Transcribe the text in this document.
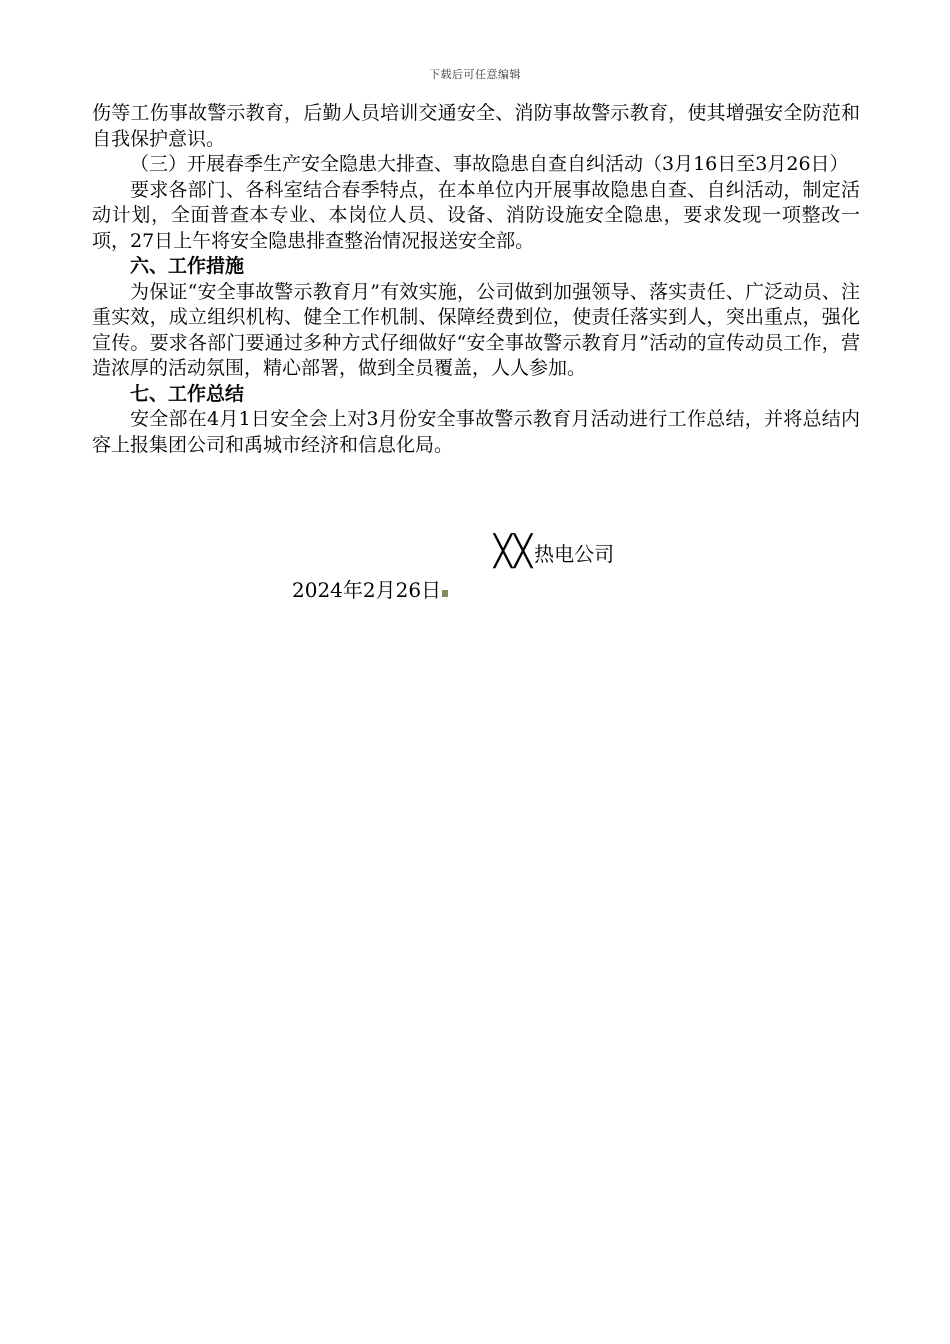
下载后可任意编辑

伤等工伤事故警示教育，后勤人员培训交通安全、消防事故警示教育，使其增强安全防范和自我保护意识。

（三）开展春季生产安全隐患大排查、事故隐患自查自纠活动（3月16日至3月26日）

要求各部门、各科室结合春季特点，在本单位内开展事故隐患自查、自纠活动，制定活动计划，全面普查本专业、本岗位人员、设备、消防设施安全隐患，要求发现一项整改一项，27日上午将安全隐患排查整治情况报送安全部。

六、工作措施

为保证“安全事故警示教育月”有效实施，公司做到加强领导、落实责任、广泛动员、注重实效，成立组织机构、健全工作机制、保障经费到位，使责任落实到人，突出重点，强化宣传。要求各部门要通过多种方式仔细做好“安全事故警示教育月”活动的宣传动员工作，营造浓厚的活动氛围，精心部署，做到全员覆盖，人人参加。

七、工作总结

安全部在4月1日安全会上对3月份安全事故警示教育月活动进行工作总结，并将总结内容上报集团公司和禹城市经济和信息化局。

╳╳热电公司
2024年2月26日
